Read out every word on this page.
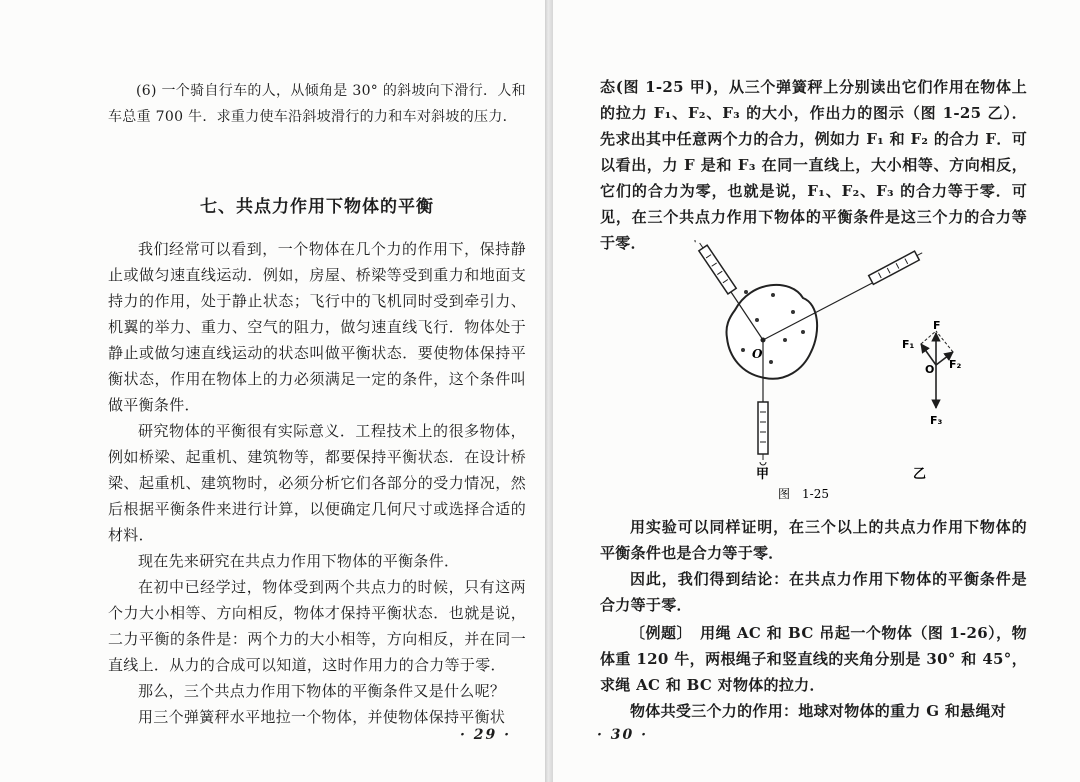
(6) 一个骑自行车的人，从倾角是 30° 的斜坡向下滑行．人和车总重 700 牛．求重力使车沿斜坡滑行的力和车对斜坡的压力．

七、共点力作用下物体的平衡

我们经常可以看到，一个物体在几个力的作用下，保持静止或做匀速直线运动．例如，房屋、桥梁等受到重力和地面支持力的作用，处于静止状态；飞行中的飞机同时受到牵引力、机翼的举力、重力、空气的阻力，做匀速直线飞行．物体处于静止或做匀速直线运动的状态叫做平衡状态．要使物体保持平衡状态，作用在物体上的力必须满足一定的条件，这个条件叫做平衡条件．

研究物体的平衡很有实际意义．工程技术上的很多物体，例如桥梁、起重机、建筑物等，都要保持平衡状态．在设计桥梁、起重机、建筑物时，必须分析它们各部分的受力情况，然后根据平衡条件来进行计算，以便确定几何尺寸或选择合适的材料．

现在先来研究在共点力作用下物体的平衡条件．

在初中已经学过，物体受到两个共点力的时候，只有这两个力大小相等、方向相反，物体才保持平衡状态．也就是说，二力平衡的条件是：两个力的大小相等，方向相反，并在同一直线上．从力的合成可以知道，这时作用力的合力等于零．

那么，三个共点力作用下物体的平衡条件又是什么呢？

用三个弹簧秤水平地拉一个物体，并使物体保持平衡状

· 29 ·

态(图 1-25 甲)，从三个弹簧秤上分别读出它们作用在物体上的拉力 F₁、F₂、F₃ 的大小，作出力的图示（图 1-25 乙）．先求出其中任意两个力的合力，例如力 F₁ 和 F₂ 的合力 F．可以看出，力 F 是和 F₃ 在同一直线上，大小相等、方向相反，它们的合力为零，也就是说，F₁、F₂、F₃ 的合力等于零．可见，在三个共点力作用下物体的平衡条件是这三个力的合力等于零．

O
F
F₁
F₂
O
F₃
甲	乙
图　1-25

用实验可以同样证明，在三个以上的共点力作用下物体的平衡条件也是合力等于零．

因此，我们得到结论：在共点力作用下物体的平衡条件是合力等于零．

〔例题〕　用绳 AC 和 BC 吊起一个物体（图 1-26），物体重 120 牛，两根绳子和竖直线的夹角分别是 30° 和 45°，求绳 AC 和 BC 对物体的拉力．

物体共受三个力的作用：地球对物体的重力 G 和悬绳对

· 30 ·
